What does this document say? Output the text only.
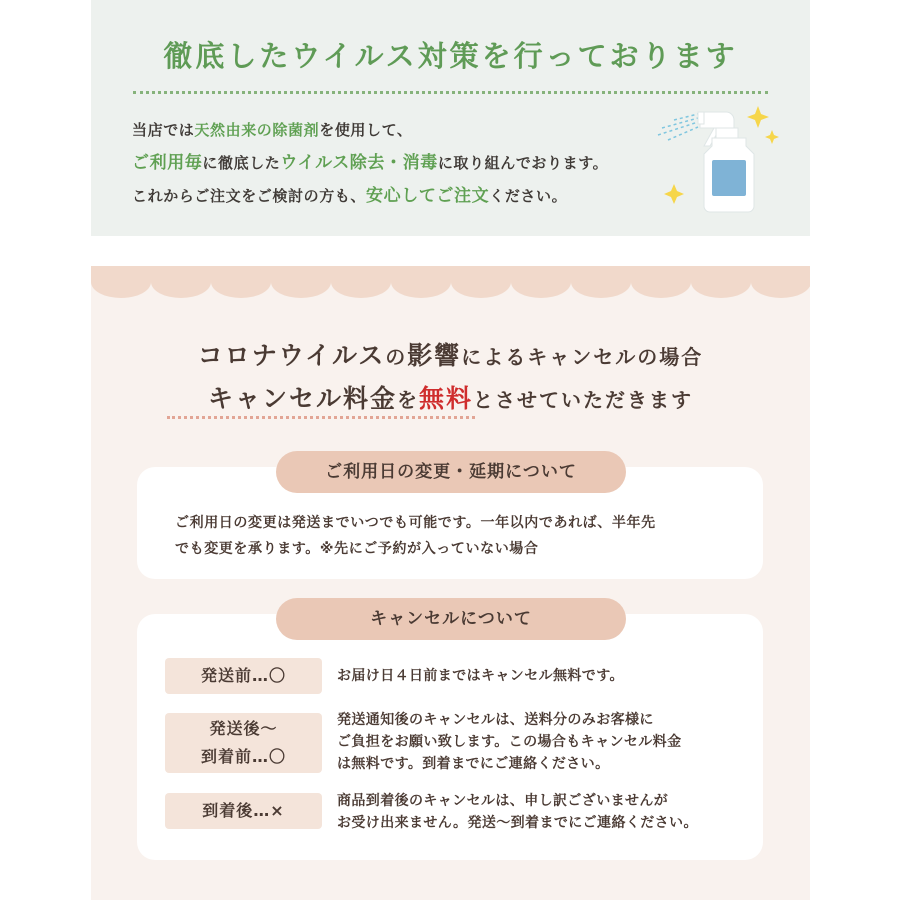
徹底したウイルス対策を行っております

当店では天然由来の除菌剤を使用して、

ご利用毎に徹底したウイルス除去・消毒に取り組んでおります。

これからご注文をご検討の方も、安心してご注文ください。

コロナウイルスの影響によるキャンセルの場合
キャンセル料金を無料とさせていただきます
ご利用日の変更・延期について

ご利用日の変更は発送までいつでも可能です。一年以内であれば、半年先

でも変更を承ります。※先にご予約が入っていない場合

キャンセルについて

発送前…〇	お届け日４日前まではキャンセル無料です。

発送後～

到着前…〇

発送通知後のキャンセルは、送料分のみお客様に

ご負担をお願い致します。この場合もキャンセル料金

は無料です。到着までにご連絡ください。

到着後…×	商品到着後のキャンセルは、申し訳ございませんが

お受け出来ません。発送～到着までにご連絡ください。
